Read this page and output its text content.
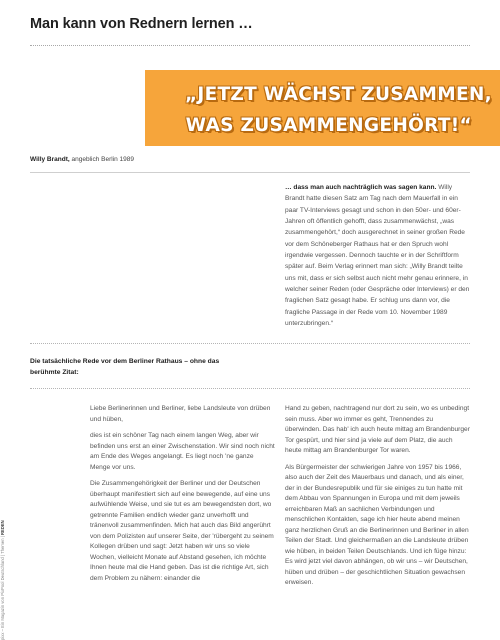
Man kann von Rednern lernen …
„JETZT WÄCHST ZUSAMMEN,
WAS ZUSAMMENGEHÖRT!“
Willy Brandt, angeblich Berlin 1989
… dass man auch nachträglich was sagen kann. Willy Brandt hatte diesen Satz am Tag nach dem Mauerfall in ein paar TV-Interviews gesagt und schon in den 50er- und 60er-Jahren oft öffentlich gehofft, dass zusammenwächst, „was zusammengehört,“ doch ausgerechnet in seiner großen Rede vor dem Schöneberger Rathaus hat er den Spruch wohl irgendwie vergessen. Dennoch tauchte er in der Schriftform später auf. Beim Verlag erinnert man sich: „Willy Brandt teilte uns mit, dass er sich selbst auch nicht mehr genau erinnere, in welcher seiner Reden (oder Gespräche oder Interviews) er den fraglichen Satz gesagt habe. Er schlug uns dann vor, die fragliche Passage in der Rede vom 10. November 1989 unterzubringen.“
Die tatsächliche Rede vor dem Berliner Rathaus – ohne das berühmte Zitat:

Liebe Berlinerinnen und Berliner, liebe Landsleute von drüben und hüben,

dies ist ein schöner Tag nach einem langen Weg, aber wir befinden uns erst an einer Zwischenstation. Wir sind noch nicht am Ende des Weges angelangt. Es liegt noch 'ne ganze Menge vor uns.

Die Zusammengehörigkeit der Berliner und der Deutschen überhaupt manifestiert sich auf eine bewegende, auf eine uns aufwühlende Weise, und sie tut es am bewegendsten dort, wo getrennte Familien endlich wieder ganz unverhofft und tränenvoll zusammenfinden. Mich hat auch das Bild angerührt von dem Polizisten auf unserer Seite, der 'rübergeht zu seinem Kollegen drüben und sagt: Jetzt haben wir uns so viele Wochen, vielleicht Monate auf Abstand gesehen, ich möchte Ihnen heute mal die Hand geben. Das ist die richtige Art, sich dem Problem zu nähern: einander die

Hand zu geben, nachtragend nur dort zu sein, wo es unbedingt sein muss. Aber wo immer es geht, Trennendes zu überwinden. Das hab' ich auch heute mittag am Brandenburger Tor gespürt, und hier sind ja viele auf dem Platz, die auch heute mittag am Brandenburger Tor waren.

Als Bürgermeister der schwierigen Jahre von 1957 bis 1966, also auch der Zeit des Mauerbaus und danach, und als einer, der in der Bundesrepublik und für sie einiges zu tun hatte mit dem Abbau von Spannungen in Europa und mit dem jeweils erreichbaren Maß an sachlichen Verbindungen und menschlichen Kontakten, sage ich hier heute abend meinen ganz herzlichen Gruß an die Berlinerinnen und Berliner in allen Teilen der Stadt. Und gleichermaßen an die Landsleute drüben wie hüben, in beiden Teilen Deutschlands. Und ich füge hinzu: Es wird jetzt viel davon abhängen, ob wir uns – wir Deutschen, hüben und drüben – der geschichtlichen Situation gewachsen erweisen.

pixx – Ein Magazin von PixPool Deutschland | Themen | REDEN
